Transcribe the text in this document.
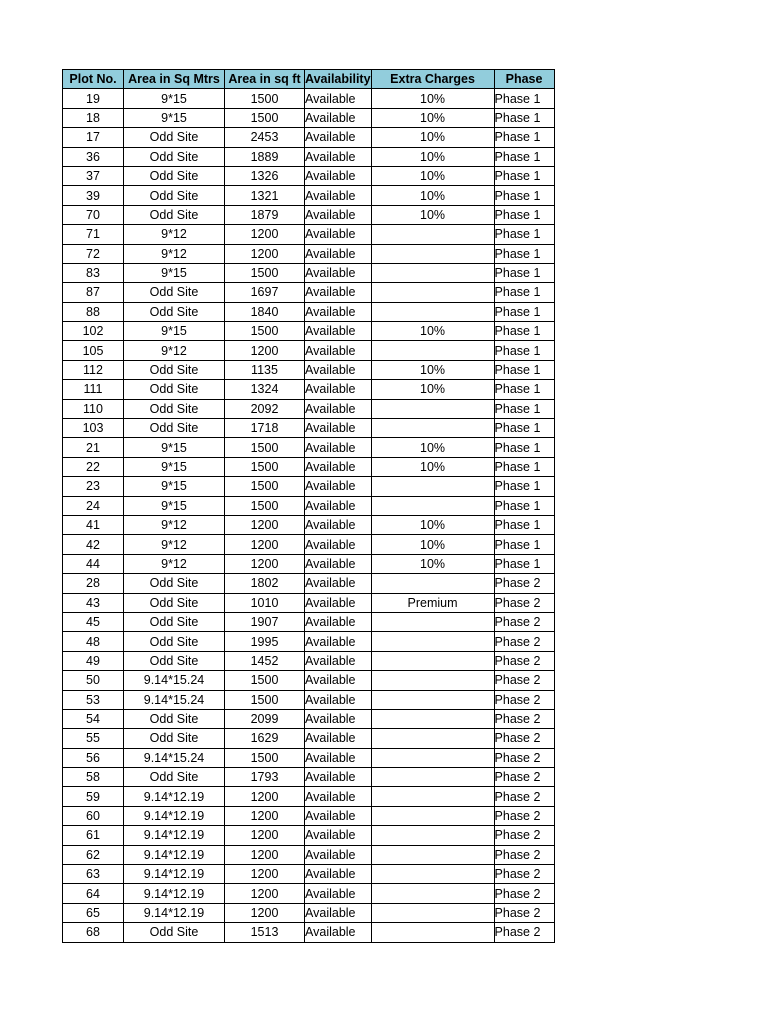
Plot No.	Area in Sq Mtrs	Area in sq ft	Availability	Extra Charges	Phase
19	9*15	1500	Available	10%	Phase 1
18	9*15	1500	Available	10%	Phase 1
17	Odd Site	2453	Available	10%	Phase 1
36	Odd Site	1889	Available	10%	Phase 1
37	Odd Site	1326	Available	10%	Phase 1
39	Odd Site	1321	Available	10%	Phase 1
70	Odd Site	1879	Available	10%	Phase 1
71	9*12	1200	Available		Phase 1
72	9*12	1200	Available		Phase 1
83	9*15	1500	Available		Phase 1
87	Odd Site	1697	Available		Phase 1
88	Odd Site	1840	Available		Phase 1
102	9*15	1500	Available	10%	Phase 1
105	9*12	1200	Available		Phase 1
112	Odd Site	1135	Available	10%	Phase 1
111	Odd Site	1324	Available	10%	Phase 1
110	Odd Site	2092	Available		Phase 1
103	Odd Site	1718	Available		Phase 1
21	9*15	1500	Available	10%	Phase 1
22	9*15	1500	Available	10%	Phase 1
23	9*15	1500	Available		Phase 1
24	9*15	1500	Available		Phase 1
41	9*12	1200	Available	10%	Phase 1
42	9*12	1200	Available	10%	Phase 1
44	9*12	1200	Available	10%	Phase 1
28	Odd Site	1802	Available		Phase 2
43	Odd Site	1010	Available	Premium	Phase 2
45	Odd Site	1907	Available		Phase 2
48	Odd Site	1995	Available		Phase 2
49	Odd Site	1452	Available		Phase 2
50	9.14*15.24	1500	Available		Phase 2
53	9.14*15.24	1500	Available		Phase 2
54	Odd Site	2099	Available		Phase 2
55	Odd Site	1629	Available		Phase 2
56	9.14*15.24	1500	Available		Phase 2
58	Odd Site	1793	Available		Phase 2
59	9.14*12.19	1200	Available		Phase 2
60	9.14*12.19	1200	Available		Phase 2
61	9.14*12.19	1200	Available		Phase 2
62	9.14*12.19	1200	Available		Phase 2
63	9.14*12.19	1200	Available		Phase 2
64	9.14*12.19	1200	Available		Phase 2
65	9.14*12.19	1200	Available		Phase 2
68	Odd Site	1513	Available		Phase 2
